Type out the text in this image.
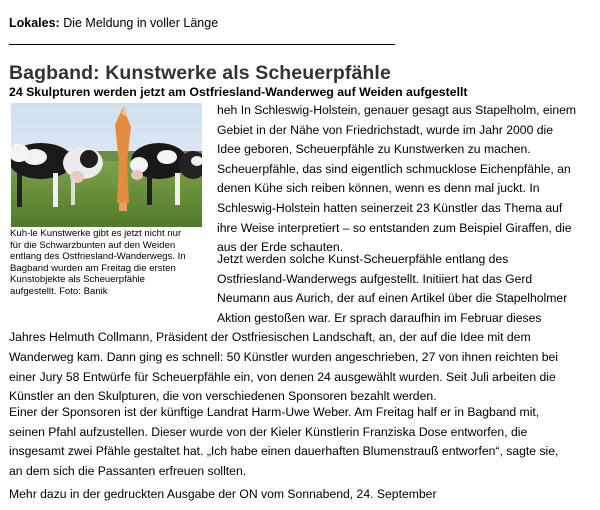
Lokales: Die Meldung in voller Länge
Bagband: Kunstwerke als Scheuerpfähle
24 Skulpturen werden jetzt am Ostfriesland-Wanderweg auf Weiden aufgestellt
Kuh-le Kunstwerke gibt es jetzt nicht nur
für die Schwarzbunten auf den Weiden
entlang des Ostfriesland-Wanderwegs. In
Bagband wurden am Freitag die ersten
Kunstobjekte als Scheuerpfähle
aufgestellt. Foto: Banik
heh In Schleswig-Holstein, genauer gesagt aus Stapelholm, einem
Gebiet in der Nähe von Friedrichstadt, wurde im Jahr 2000 die
Idee geboren, Scheuerpfähle zu Kunstwerken zu machen.
Scheuerpfähle, das sind eigentlich schmucklose Eichenpfähle, an
denen Kühe sich reiben können, wenn es denn mal juckt. In
Schleswig-Holstein hatten seinerzeit 23 Künstler das Thema auf
ihre Weise interpretiert – so entstanden zum Beispiel Giraffen, die
aus der Erde schauten.
Jetzt werden solche Kunst-Scheuerpfähle entlang des
Ostfriesland-Wanderwegs aufgestellt. Initiiert hat das Gerd
Neumann aus Aurich, der auf einen Artikel über die Stapelholmer
Aktion gestoßen war. Er sprach daraufhin im Februar dieses
Jahres Helmuth Collmann, Präsident der Ostfriesischen Landschaft, an, der auf die Idee mit dem
Wanderweg kam. Dann ging es schnell: 50 Künstler wurden angeschrieben, 27 von ihnen reichten bei
einer Jury 58 Entwürfe für Scheuerpfähle ein, von denen 24 ausgewählt wurden. Seit Juli arbeiten die
Künstler an den Skulpturen, die von verschiedenen Sponsoren bezahlt werden.
Einer der Sponsoren ist der künftige Landrat Harm-Uwe Weber. Am Freitag half er in Bagband mit,
seinen Pfahl aufzustellen. Dieser wurde von der Kieler Künstlerin Franziska Dose entworfen, die
insgesamt zwei Pfähle gestaltet hat. „Ich habe einen dauerhaften Blumenstrauß entworfen“, sagte sie,
an dem sich die Passanten erfreuen sollten.
Mehr dazu in der gedruckten Ausgabe der ON vom Sonnabend, 24. September
